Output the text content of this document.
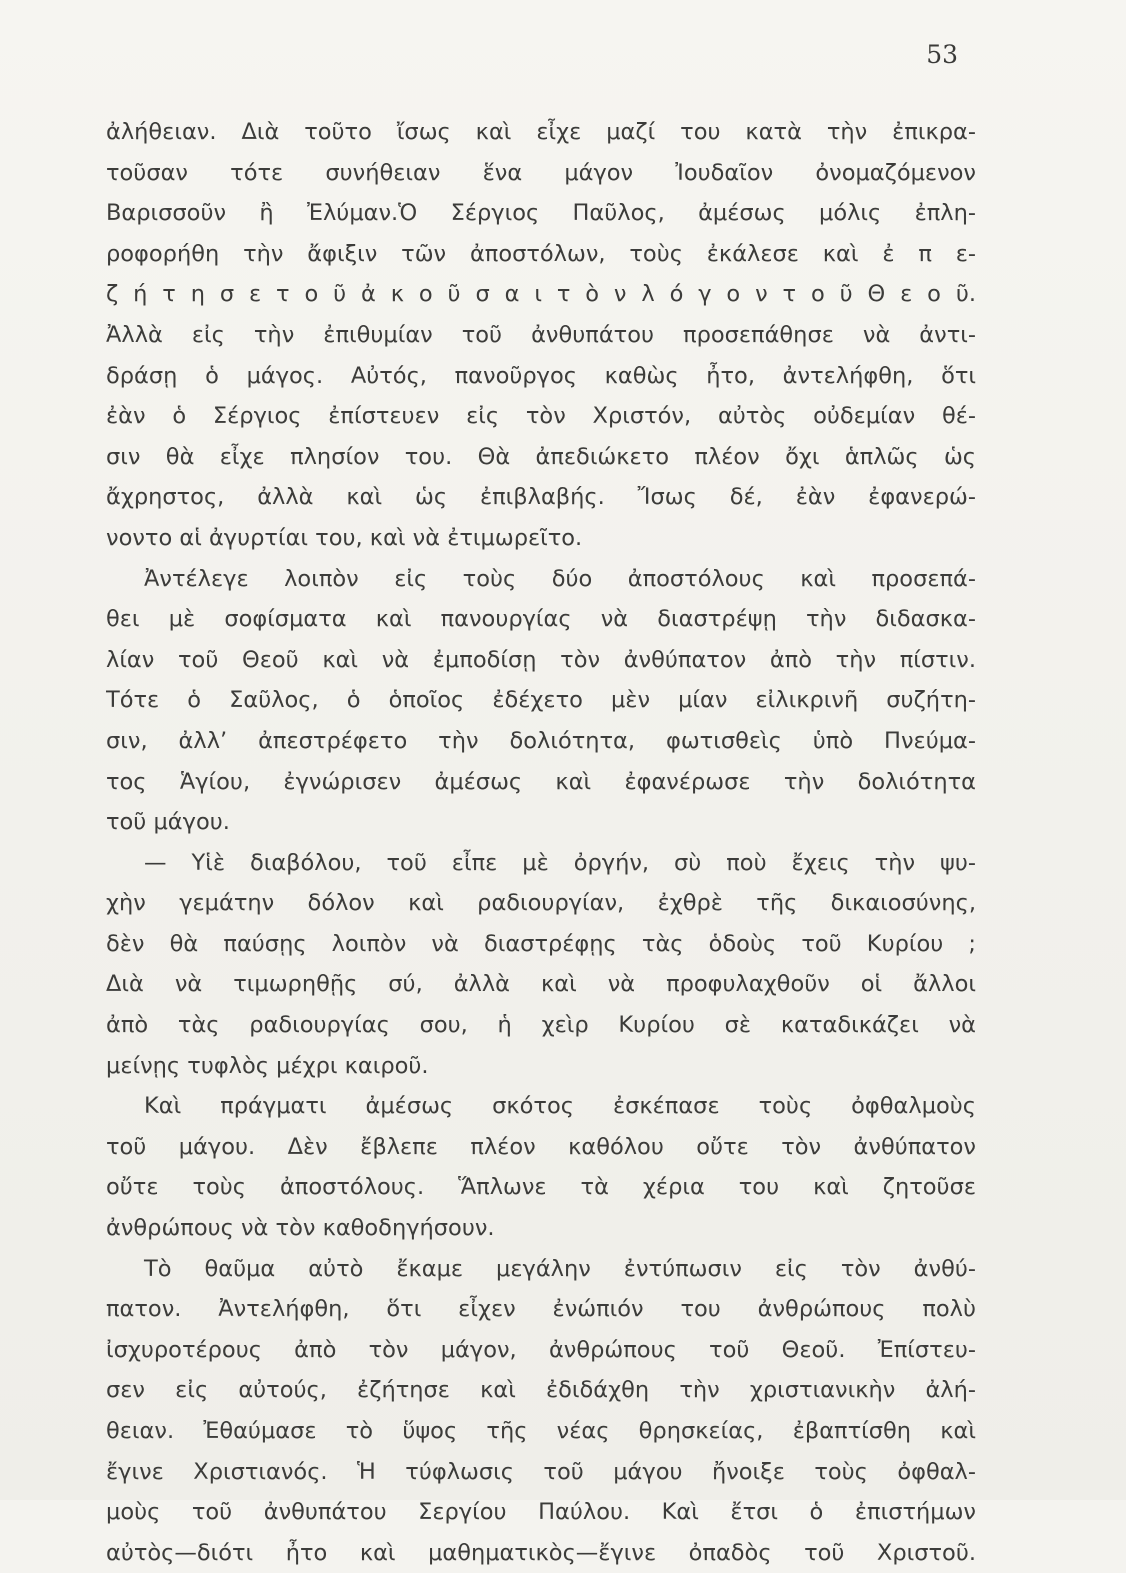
53
ἀλήθειαν. Διὰ τοῦτο ἴσως καὶ εἶχε μαζί του κατὰ τὴν ἐπικρα-
τοῦσαν τότε συνήθειαν ἕνα μάγον Ἰουδαῖον ὀνομαζόμενον
Βαρισσοῦν ἢ Ἐλύμαν.Ὁ Σέργιος Παῦλος, ἀμέσως μόλις ἐπλη-
ροφορήθη τὴν ἄφιξιν τῶν ἀποστόλων, τοὺς ἐκάλεσε καὶ ἐ π ε-
ζ ή τ η σ ε τ ο ῦ ἀ κ ο ῦ σ α ι τ ὸ ν λ ό γ ο ν τ ο ῦ Θ ε ο ῦ.
Ἀλλὰ εἰς τὴν ἐπιθυμίαν τοῦ ἀνθυπάτου προσεπάθησε νὰ ἀντι-
δράσῃ ὁ μάγος. Αὐτός, πανοῦργος καθὼς ἦτο, ἀντελήφθη, ὅτι
ἐὰν ὁ Σέργιος ἐπίστευεν εἰς τὸν Χριστόν, αὐτὸς οὐδεμίαν θέ-
σιν θὰ εἶχε πλησίον του. Θὰ ἀπεδιώκετο πλέον ὄχι ἁπλῶς ὡς
ἄχρηστος, ἀλλὰ καὶ ὡς ἐπιβλαβής. Ἴσως δέ, ἐὰν ἐφανερώ-
νοντο αἱ ἀγυρτίαι του, καὶ νὰ ἐτιμωρεῖτο.
Ἀντέλεγε λοιπὸν εἰς τοὺς δύο ἀποστόλους καὶ προσεπά-
θει μὲ σοφίσματα καὶ πανουργίας νὰ διαστρέψῃ τὴν διδασκα-
λίαν τοῦ Θεοῦ καὶ νὰ ἐμποδίσῃ τὸν ἀνθύπατον ἀπὸ τὴν πίστιν.
Τότε ὁ Σαῦλος, ὁ ὁποῖος ἐδέχετο μὲν μίαν εἰλικρινῆ συζήτη-
σιν, ἀλλ’ ἀπεστρέφετο τὴν δολιότητα, φωτισθεὶς ὑπὸ Πνεύμα-
τος Ἁγίου, ἐγνώρισεν ἀμέσως καὶ ἐφανέρωσε τὴν δολιότητα
τοῦ μάγου.
— Υἱὲ διαβόλου, τοῦ εἶπε μὲ ὀργήν, σὺ ποὺ ἔχεις τὴν ψυ-
χὴν γεμάτην δόλον καὶ ραδιουργίαν, ἐχθρὲ τῆς δικαιοσύνης,
δὲν θὰ παύσῃς λοιπὸν νὰ διαστρέφῃς τὰς ὁδοὺς τοῦ Κυρίου ;
Διὰ νὰ τιμωρηθῇς σύ, ἀλλὰ καὶ νὰ προφυλαχθοῦν οἱ ἄλλοι
ἀπὸ τὰς ραδιουργίας σου, ἡ χεὶρ Κυρίου σὲ καταδικάζει νὰ
μείνῃς τυφλὸς μέχρι καιροῦ.
Καὶ πράγματι ἀμέσως σκότος ἐσκέπασε τοὺς ὀφθαλμοὺς
τοῦ μάγου. Δὲν ἔβλεπε πλέον καθόλου οὔτε τὸν ἀνθύπατον
οὔτε τοὺς ἀποστόλους. Ἅπλωνε τὰ χέρια του καὶ ζητοῦσε
ἀνθρώπους νὰ τὸν καθοδηγήσουν.
Τὸ θαῦμα αὐτὸ ἔκαμε μεγάλην ἐντύπωσιν εἰς τὸν ἀνθύ-
πατον. Ἀντελήφθη, ὅτι εἶχεν ἐνώπιόν του ἀνθρώπους πολὺ
ἰσχυροτέρους ἀπὸ τὸν μάγον, ἀνθρώπους τοῦ Θεοῦ. Ἐπίστευ-
σεν εἰς αὐτούς, ἐζήτησε καὶ ἐδιδάχθη τὴν χριστιανικὴν ἀλή-
θειαν. Ἐθαύμασε τὸ ὕψος τῆς νέας θρησκείας, ἐβαπτίσθη καὶ
ἔγινε Χριστιανός. Ἡ τύφλωσις τοῦ μάγου ἤνοιξε τοὺς ὀφθαλ-
μοὺς τοῦ ἀνθυπάτου Σεργίου Παύλου. Καὶ ἔτσι ὁ ἐπιστήμων
αὐτὸς—διότι ἦτο καὶ μαθηματικὸς—ἔγινε ὀπαδὸς τοῦ Χριστοῦ.
